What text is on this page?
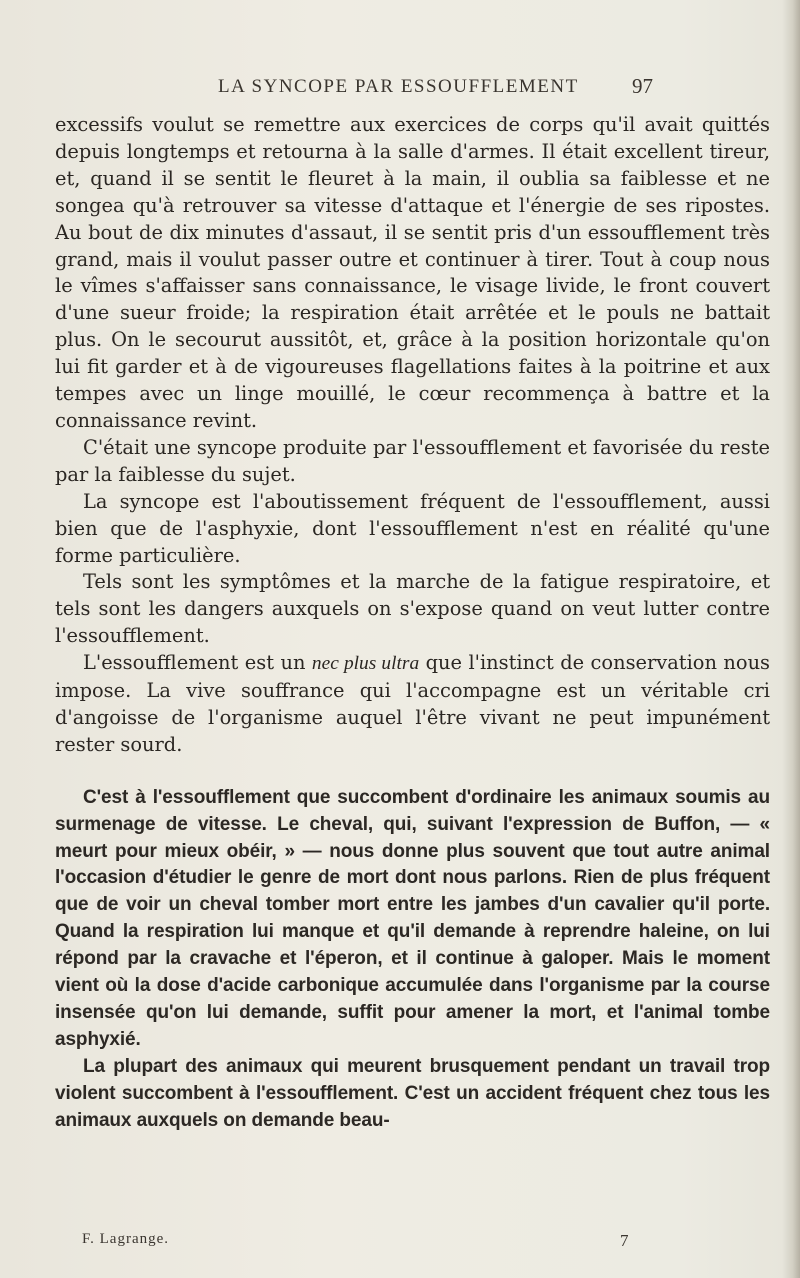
LA SYNCOPE PAR ESSOUFFLEMENT	97

excessifs voulut se remettre aux exercices de corps qu'il avait quittés depuis longtemps et retourna à la salle d'armes. Il était excellent tireur, et, quand il se sentit le fleuret à la main, il oublia sa faiblesse et ne songea qu'à retrouver sa vitesse d'attaque et l'énergie de ses ripostes. Au bout de dix minutes d'assaut, il se sentit pris d'un essoufflement très grand, mais il voulut passer outre et continuer à tirer. Tout à coup nous le vîmes s'affaisser sans connaissance, le visage livide, le front couvert d'une sueur froide; la respiration était arrêtée et le pouls ne battait plus. On le secourut aussitôt, et, grâce à la position horizontale qu'on lui fit garder et à de vigoureuses flagellations faites à la poitrine et aux tempes avec un linge mouillé, le cœur recommença à battre et la connaissance revint.

C'était une syncope produite par l'essoufflement et favorisée du reste par la faiblesse du sujet.

La syncope est l'aboutissement fréquent de l'essoufflement, aussi bien que de l'asphyxie, dont l'essoufflement n'est en réalité qu'une forme particulière.

Tels sont les symptômes et la marche de la fatigue respiratoire, et tels sont les dangers auxquels on s'expose quand on veut lutter contre l'essoufflement.

L'essoufflement est un nec plus ultra que l'instinct de conservation nous impose. La vive souffrance qui l'accompagne est un véritable cri d'angoisse de l'organisme auquel l'être vivant ne peut impunément rester sourd.

C'est à l'essoufflement que succombent d'ordinaire les animaux soumis au surmenage de vitesse. Le cheval, qui, suivant l'expression de Buffon, — « meurt pour mieux obéir, » — nous donne plus souvent que tout autre animal l'occasion d'étudier le genre de mort dont nous parlons. Rien de plus fréquent que de voir un cheval tomber mort entre les jambes d'un cavalier qu'il porte. Quand la respiration lui manque et qu'il demande à reprendre haleine, on lui répond par la cravache et l'éperon, et il continue à galoper. Mais le moment vient où la dose d'acide carbonique accumulée dans l'organisme par la course insensée qu'on lui demande, suffit pour amener la mort, et l'animal tombe asphyxié.

La plupart des animaux qui meurent brusquement pendant un travail trop violent succombent à l'essoufflement. C'est un accident fréquent chez tous les animaux auxquels on demande beau-

F. Lagrange.	7
